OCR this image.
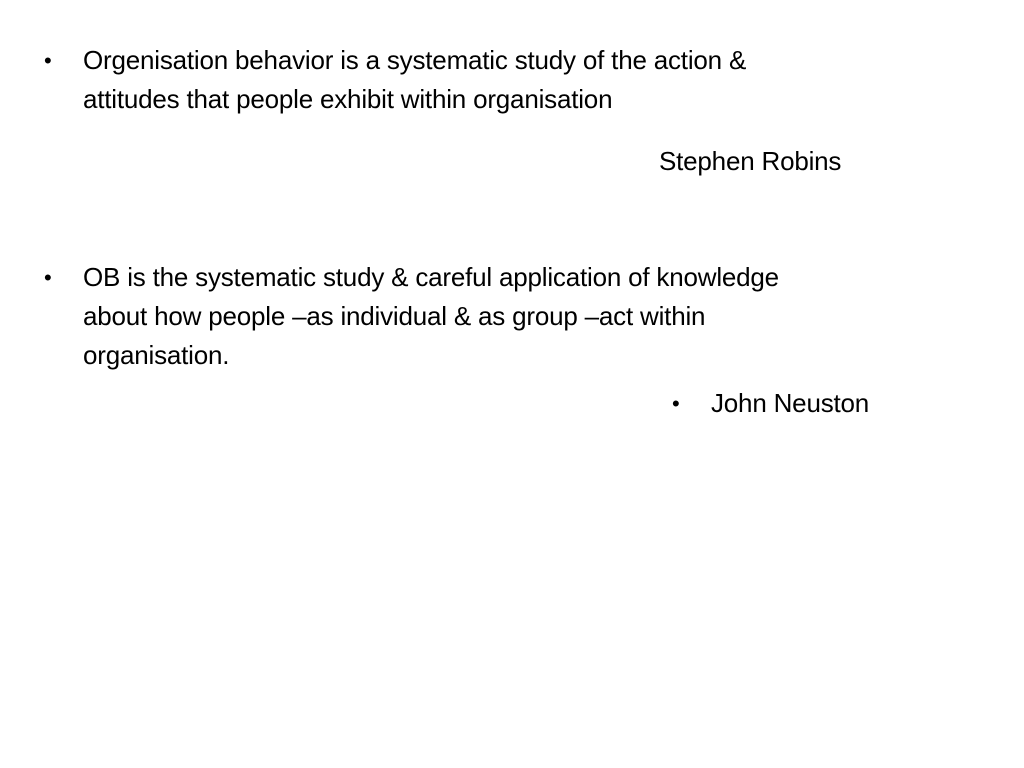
•	Orgenisation behavior is a systematic study of the action &
attitudes that people exhibit within organisation
Stephen Robins
•	OB is the systematic study & careful application of knowledge
about how people –as individual & as group –act within
organisation.
•	John Neuston
